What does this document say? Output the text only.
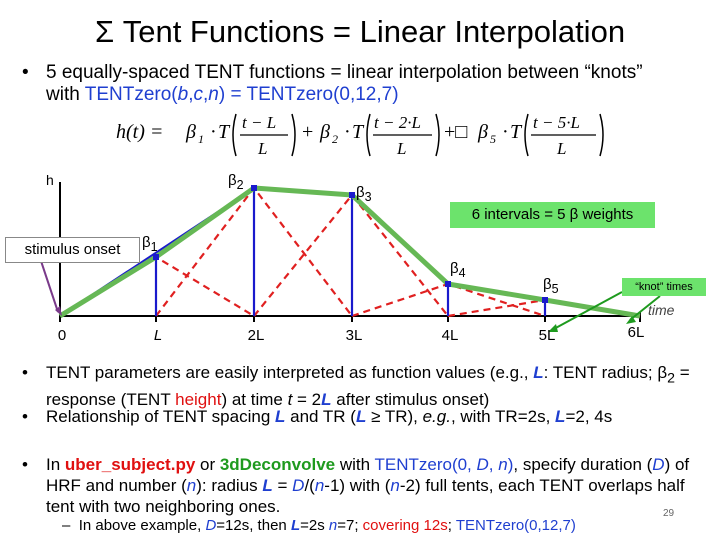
Σ Tent Functions = Linear Interpolation
• 5 equally-spaced TENT functions = linear interpolation between “knots”
with TENTzero(b,c,n) = TENTzero(0,12,7)
h(t) = β 1 · T t − L
L
+ β 2 · T t − 2·L
L
+□ β 5 · T t − 5·L
L
h
stimulus onset	$\beta_1$
$\beta_2$	$\beta_3$
$\beta_4$
$\beta_5$
6 intervals = 5 β weights
“knot” times
time
0	L	2L	3L	4L	5L	6L
• TENT parameters are easily interpreted as function values (e.g., L: TENT radius; $\beta_2$ = response (TENT height) at time t = 2L after stimulus onset)
• Relationship of TENT spacing L and TR (L ≥ TR), e.g., with TR=2s, L=2, 4s
• In uber_subject.py or 3dDeconvolve with TENTzero(0, D, n), specify duration (D) of HRF and number (n): radius L = D/(n-1) with (n-2) full tents, each TENT overlaps half tent with two neighboring ones.
– In above example, D=12s, then L=2s n=7; covering 12s; TENTzero(0,12,7)
29
